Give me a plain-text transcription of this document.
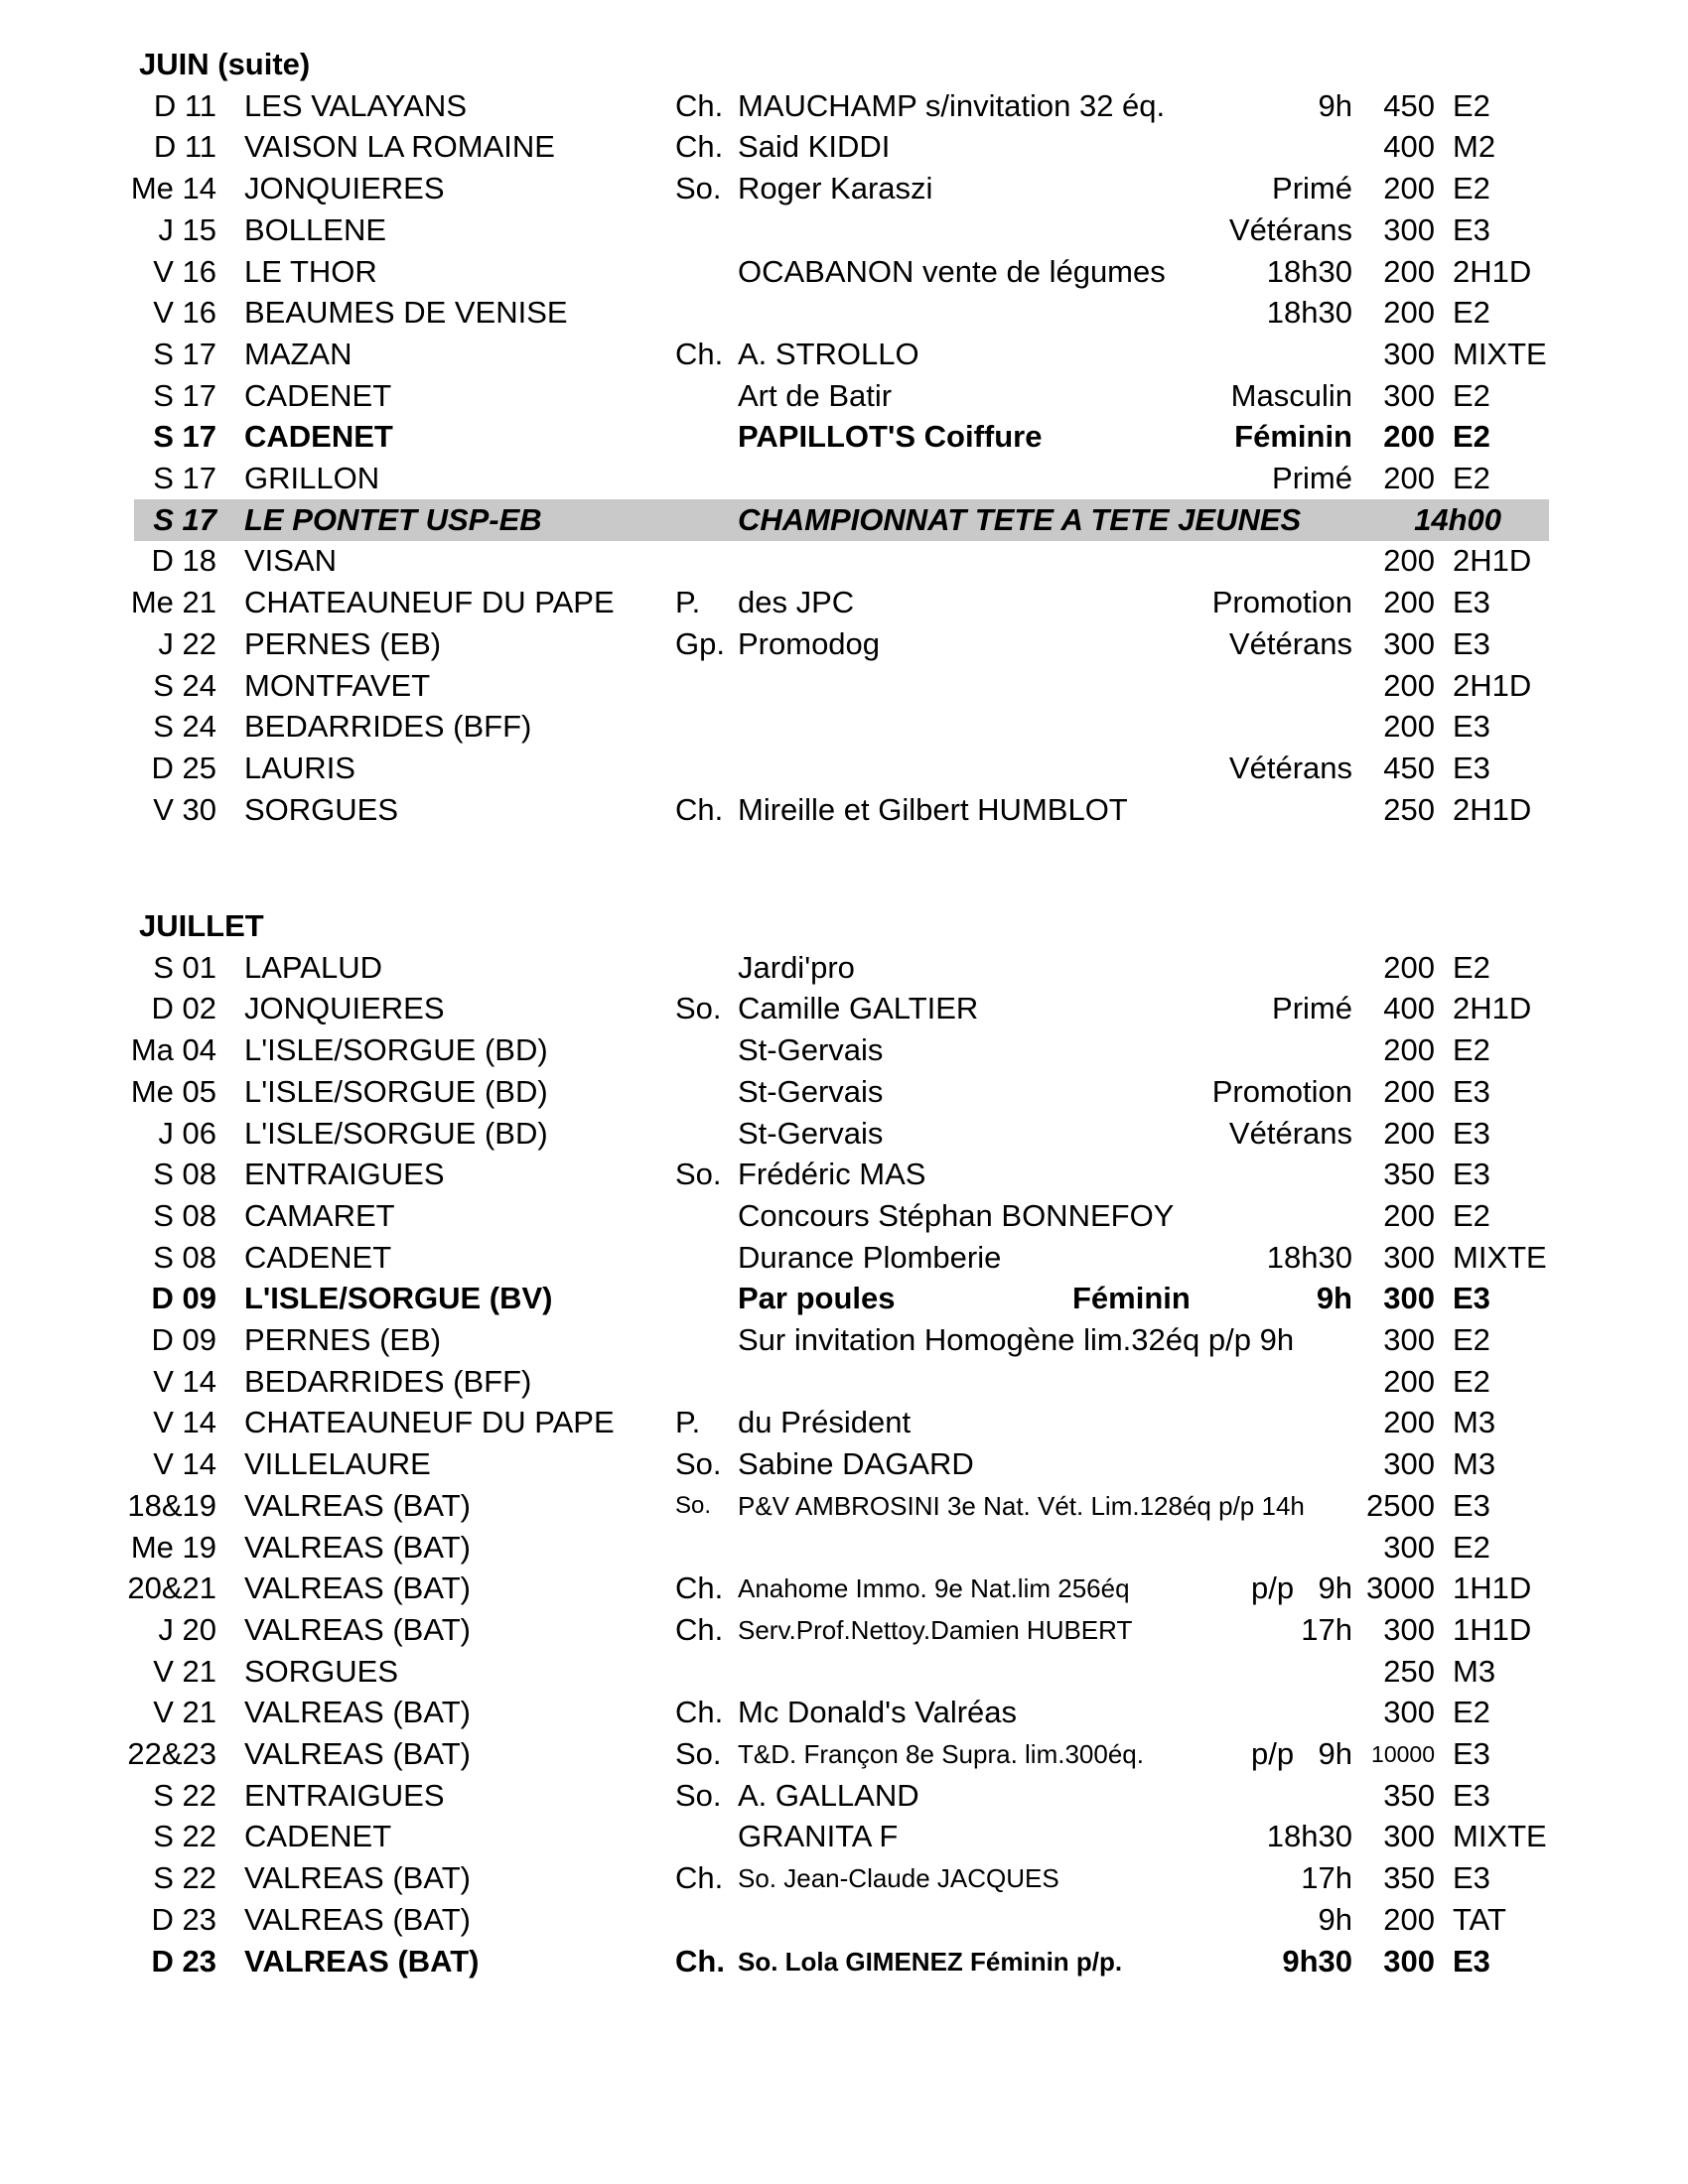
JUIN (suite)
D 11 LES VALAYANS	Ch. MAUCHAMP s/invitation 32 éq.	9h 450 E2
D 11 VAISON LA ROMAINE	Ch. Said KIDDI	400 M2
Me 14 JONQUIERES	So. Roger Karaszi	Primé 200 E2
J 15 BOLLENE	Vétérans 300 E3
V 16 LE THOR	OCABANON vente de légumes	18h30 200 2H1D
V 16 BEAUMES DE VENISE	18h30 200 E2
S 17 MAZAN	Ch. A. STROLLO	300 MIXTE
S 17 CADENET	Art de Batir	Masculin 300 E2
S 17 CADENET	PAPILLOT'S Coiffure	Féminin 200 E2
S 17 GRILLON	Primé 200 E2
S 17 LE PONTET USP-EB	CHAMPIONNAT TETE A TETE JEUNES	14h00
D 18 VISAN	200 2H1D
Me 21 CHATEAUNEUF DU PAPE P. des JPC	Promotion 200 E3
J 22 PERNES (EB)	Gp. Promodog	Vétérans 300 E3
S 24 MONTFAVET	200 2H1D
S 24 BEDARRIDES (BFF)	200 E3
D 25 LAURIS	Vétérans 450 E3
V 30 SORGUES	Ch. Mireille et Gilbert HUMBLOT	250 2H1D
JUILLET
S 01 LAPALUD	Jardi'pro	200 E2
D 02 JONQUIERES	So. Camille GALTIER	Primé 400 2H1D
Ma 04 L'ISLE/SORGUE (BD)	St-Gervais	200 E2
Me 05 L'ISLE/SORGUE (BD)	St-Gervais	Promotion 200 E3
J 06 L'ISLE/SORGUE (BD)	St-Gervais	Vétérans 200 E3
S 08 ENTRAIGUES	So. Frédéric MAS	350 E3
S 08 CAMARET	Concours Stéphan BONNEFOY	200 E2
S 08 CADENET	Durance Plomberie	18h30 300 MIXTE
D 09 L'ISLE/SORGUE (BV)	Par poules	Féminin	9h 300 E3
D 09 PERNES (EB)	Sur invitation Homogène lim.32éq p/p 9h	300 E2
V 14 BEDARRIDES (BFF)	200 E2
V 14 CHATEAUNEUF DU PAPE P. du Président	200 M3
V 14 VILLELAURE	So. Sabine DAGARD	300 M3
18&19 VALREAS (BAT)	So. P&V AMBROSINI 3e Nat. Vét. Lim.128éq p/p 14h 2500 E3
Me 19 VALREAS (BAT)	300 E2
20&21 VALREAS (BAT)	Ch. Anahome Immo. 9e Nat.lim 256éq	p/p 9h 3000 1H1D
J 20 VALREAS (BAT)	Ch. Serv.Prof.Nettoy.Damien HUBERT	17h 300 1H1D
V 21 SORGUES	250 M3
V 21 VALREAS (BAT)	Ch. Mc Donald's Valréas	300 E2
22&23 VALREAS (BAT)	So. T&D. Françon 8e Supra. lim.300éq.	p/p 9h 10000 E3
S 22 ENTRAIGUES	So. A. GALLAND	350 E3
S 22 CADENET	GRANITA F	18h30 300 MIXTE
S 22 VALREAS (BAT)	Ch. So. Jean-Claude JACQUES	17h 350 E3
D 23 VALREAS (BAT)	9h 200 TAT
D 23 VALREAS (BAT)	Ch. So. Lola GIMENEZ Féminin p/p.	9h30 300 E3
